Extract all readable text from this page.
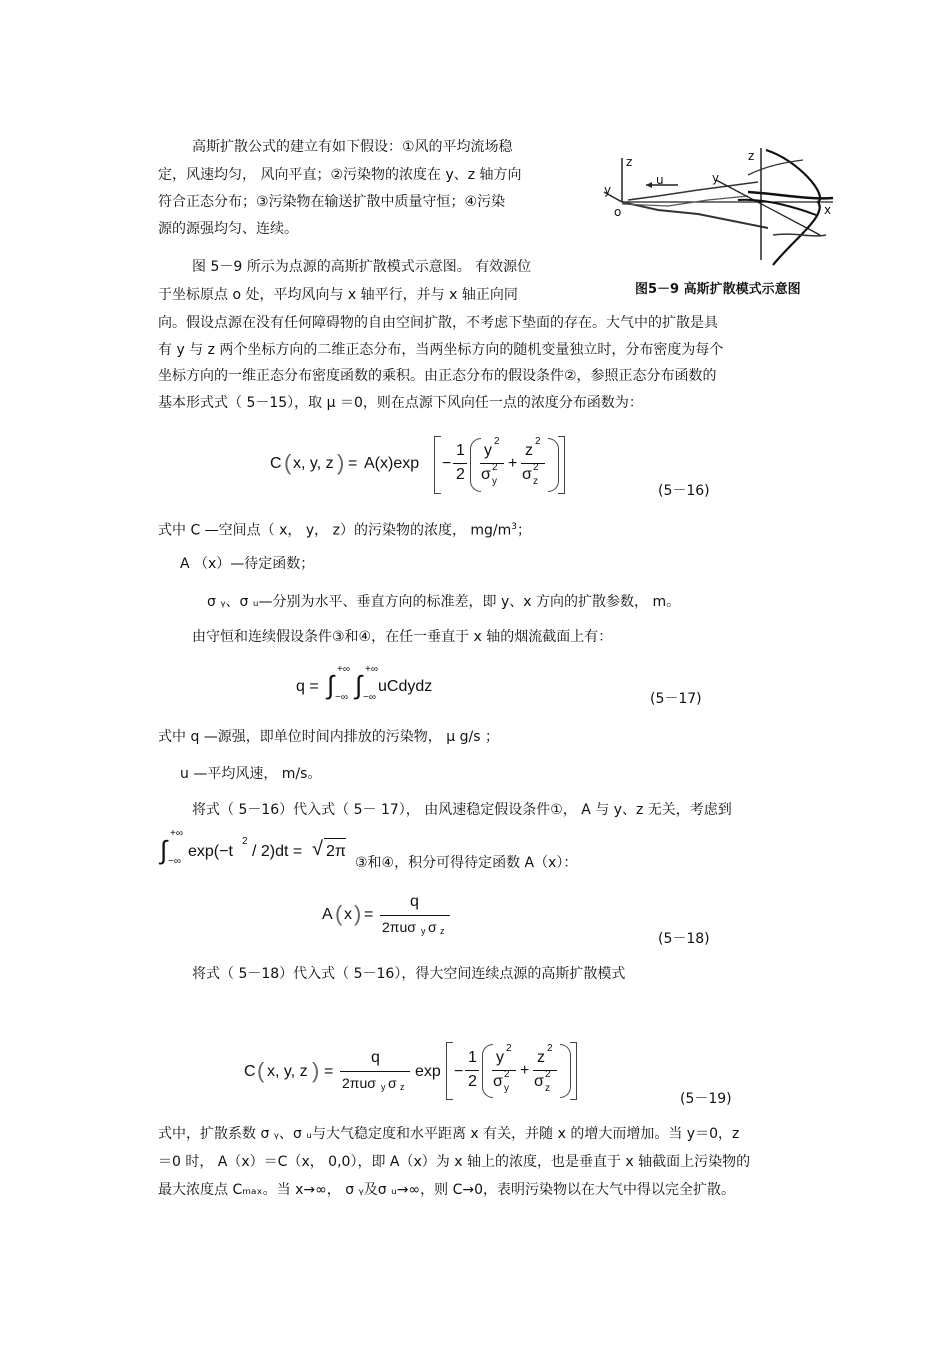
高斯扩散公式的建立有如下假设：①风的平均流场稳
定，风速均匀， 风向平直；②污染物的浓度在 y、z 轴方向
符合正态分布；③污染物在输送扩散中质量守恒；④污染
源的源强均匀、连续。
z	z
y
y
u
o	x
图5－9 高斯扩散模式示意图
图 5－9 所示为点源的高斯扩散模式示意图。 有效源位
于坐标原点 o 处，平均风向与 x 轴平行，并与 x 轴正向同
向。假设点源在没有任何障碍物的自由空间扩散，不考虑下垫面的存在。大气中的扩散是具
有 y 与 z 两个坐标方向的二维正态分布，当两坐标方向的随机变量独立时，分布密度为每个
坐标方向的一维正态分布密度函数的乘积。由正态分布的假设条件②，参照正态分布函数的
基本形式式（ 5－15），取 μ ＝0，则在点源下风向任一点的浓度分布函数为：
C ( x, y, z ) = A(x)exp −
1
2
y
2
σ 2
y
+
z
2
σ 2
z
(5－16)
式中 C —空间点（ x， y， z）的污染物的浓度， $mg/m^3$；
A （x）—待定函数；
σ ᵧ、σ ᵤ—分别为水平、垂直方向的标准差，即 y、x 方向的扩散参数， m。
由守恒和连续假设条件③和④，在任一垂直于 x 轴的烟流截面上有：
q = ∫
+∞
−∞ ∫
+∞
−∞
uCdydz
(5－17)
式中 q —源强，即单位时间内排放的污染物， μ g/s ；
u —平均风速， m/s。
将式（ 5－16）代入式（ 5－ 17）， 由风速稳定假设条件①， A 与 y、z 无关，考虑到
∫
+∞
−∞
exp(−t
2
/ 2)dt = √ 2π
③和④，积分可得待定函数 A（x）：
A ( x ) =
q
2πuσ y σ z	(5－18)
将式（ 5－18）代入式（ 5－16），得大空间连续点源的高斯扩散模式
C ( x, y, z ) =
q
2πuσ y σ z
exp −
1
2
y
2
σ 2
y
+
z
2
σ 2
z
(5－19)
式中，扩散系数 σ ᵧ、σ ᵤ与大气稳定度和水平距离 x 有关，并随 x 的增大而增加。当 y＝0，z
＝0 时， A（x）＝C（x， 0,0），即 A（x）为 x 轴上的浓度，也是垂直于 x 轴截面上污染物的
最大浓度点 Cₘₐₓ。当 x→∞， σ ᵧ及σ ᵤ→∞，则 C→0，表明污染物以在大气中得以完全扩散。
